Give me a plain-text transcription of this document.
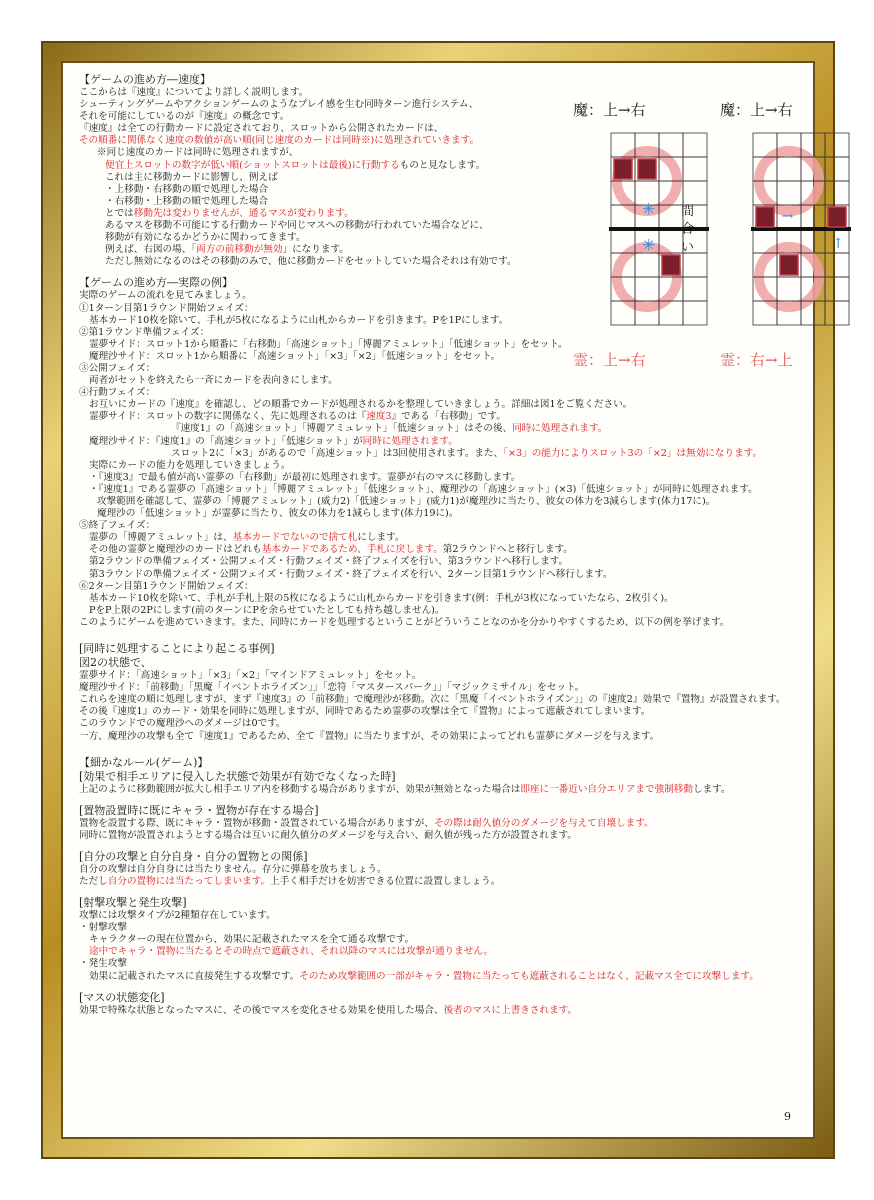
魔：上→右	魔：上→右
霊：上→右	霊：右→上
間
い
✳
✳
→
↑

【ゲームの進め方―速度】

ここからは『速度』についてより詳しく説明します。

シューティングゲームやアクションゲームのようなプレイ感を生む同時ターン進行システム、

それを可能にしているのが『速度』の概念です。

『速度』は全ての行動カードに設定されており、スロットから公開されたカードは、

その順番に関係なく速度の数値が高い順(同じ速度のカードは同時※)に処理されていきます。

※同じ速度のカードは同時に処理されますが、

便宜上スロットの数字が低い順(ショットスロットは最後)に行動するものと見なします。

これは主に移動カードに影響し、例えば

・上移動・右移動の順で処理した場合

・右移動・上移動の順で処理した場合

とでは移動先は変わりませんが、通るマスが変わります。

あるマスを移動不可能にする行動カードや同じマスへの移動が行われていた場合などに、

移動が有効になるかどうかに関わってきます。

例えば、右図の場、「両方の前移動が無効」になります。

ただし無効になるのはその移動のみで、他に移動カードをセットしていた場合それは有効です。

【ゲームの進め方―実際の例】

実際のゲームの流れを見てみましょう。

①1ターン目第1ラウンド開始フェイズ：

基本カード10枚を除いて、手札が5枚になるように山札からカードを引きます。Pを1Pにします。

②第1ラウンド準備フェイズ：

霊夢サイド：スロット1から順番に「右移動」「高速ショット」「博麗アミュレット」「低速ショット」をセット。

魔理沙サイド：スロット1から順番に「高速ショット」「×3」「×2」「低速ショット」をセット。

③公開フェイズ：

両者がセットを終えたら一斉にカードを表向きにします。

④行動フェイズ：

お互いにカードの『速度』を確認し、どの順番でカードが処理されるかを整理していきましょう。詳細は図1をご覧ください。

霊夢サイド：スロットの数字に関係なく、先に処理されるのは『速度3』である「右移動」です。

『速度1』の「高速ショット」「博麗アミュレット」「低速ショット」はその後、同時に処理されます。

魔理沙サイド：『速度1』の「高速ショット」「低速ショット」が同時に処理されます。

スロット2に「×3」があるので「高速ショット」は3回使用されます。また、「×3」の能力によりスロット3の「×2」は無効になります。

実際にカードの能力を処理していきましょう。

・『速度3』で最も値が高い霊夢の「右移動」が最初に処理されます。霊夢が右のマスに移動します。

・『速度1』である霊夢の「高速ショット」「博麗アミュレット」「低速ショット」、魔理沙の「高速ショット」(×3)「低速ショット」が同時に処理されます。

攻撃範囲を確認して、霊夢の「博麗アミュレット」(威力2)「低速ショット」(威力1)が魔理沙に当たり、彼女の体力を3減らします(体力17に)。

魔理沙の「低速ショット」が霊夢に当たり、彼女の体力を1減らします(体力19に)。

⑤終了フェイズ：

霊夢の「博麗アミュレット」は、基本カードでないので捨て札にします。

その他の霊夢と魔理沙のカードはどれも基本カードであるため、手札に戻します。第2ラウンドへと移行します。

第2ラウンドの準備フェイズ・公開フェイズ・行動フェイズ・終了フェイズを行い、第3ラウンドへ移行します。

第3ラウンドの準備フェイズ・公開フェイズ・行動フェイズ・終了フェイズを行い、2ターン目第1ラウンドへ移行します。

⑥2ターン目第1ラウンド開始フェイズ：

基本カード10枚を除いて、手札が手札上限の5枚になるように山札からカードを引きます(例：手札が3枚になっていたなら、2枚引く)。

PをP上限の2Pにします(前のターンにPを余らせていたとしても持ち越しません)。

このようにゲームを進めていきます。また、同時にカードを処理するということがどういうことなのかを分かりやすくするため、以下の例を挙げます。

[同時に処理することにより起こる事例]

図2の状態で、

霊夢サイド：「高速ショット」「×3」「×2」「マインドアミュレット」をセット。

魔理沙サイド：「前移動」「黒魔「イベントホライズン」」「恋符「マスタースパーク」」「マジックミサイル」をセット。

これらを速度の順に処理しますが、まず『速度3』の「前移動」で魔理沙が移動。次に「黒魔「イベントホライズン」」の『速度2』効果で『置物』が設置されます。

その後『速度1』のカード・効果を同時に処理しますが、同時であるため霊夢の攻撃は全て『置物』によって遮蔽されてしまいます。

このラウンドでの魔理沙へのダメージは0です。

一方、魔理沙の攻撃も全て『速度1』であるため、全て『置物』に当たりますが、その効果によってどれも霊夢にダメージを与えます。

【細かなルール(ゲーム)】

[効果で相手エリアに侵入した状態で効果が有効でなくなった時]

上記のように移動範囲が拡大し相手エリア内を移動する場合がありますが、効果が無効となった場合は即座に一番近い自分エリアまで強制移動します。

[置物設置時に既にキャラ・置物が存在する場合]

置物を設置する際、既にキャラ・置物が移動・設置されている場合がありますが、その際は耐久値分のダメージを与えて自壊します。

同時に置物が設置されようとする場合は互いに耐久値分のダメージを与え合い、耐久値が残った方が設置されます。

[自分の攻撃と自分自身・自分の置物との関係]

自分の攻撃は自分自身には当たりません。存分に弾幕を放ちましょう。

ただし自分の置物には当たってしまいます。上手く相手だけを妨害できる位置に設置しましょう。

[射撃攻撃と発生攻撃]

攻撃には攻撃タイプが2種類存在しています。

・射撃攻撃

キャラクターの現在位置から、効果に記載されたマスを全て通る攻撃です。

途中でキャラ・置物に当たるとその時点で遮蔽され、それ以降のマスには攻撃が通りません。

・発生攻撃

効果に記載されたマスに直接発生する攻撃です。そのため攻撃範囲の一部がキャラ・置物に当たっても遮蔽されることはなく、記載マス全てに攻撃します。

[マスの状態変化]

効果で特殊な状態となったマスに、その後でマスを変化させる効果を使用した場合、後者のマスに上書きされます。

9
